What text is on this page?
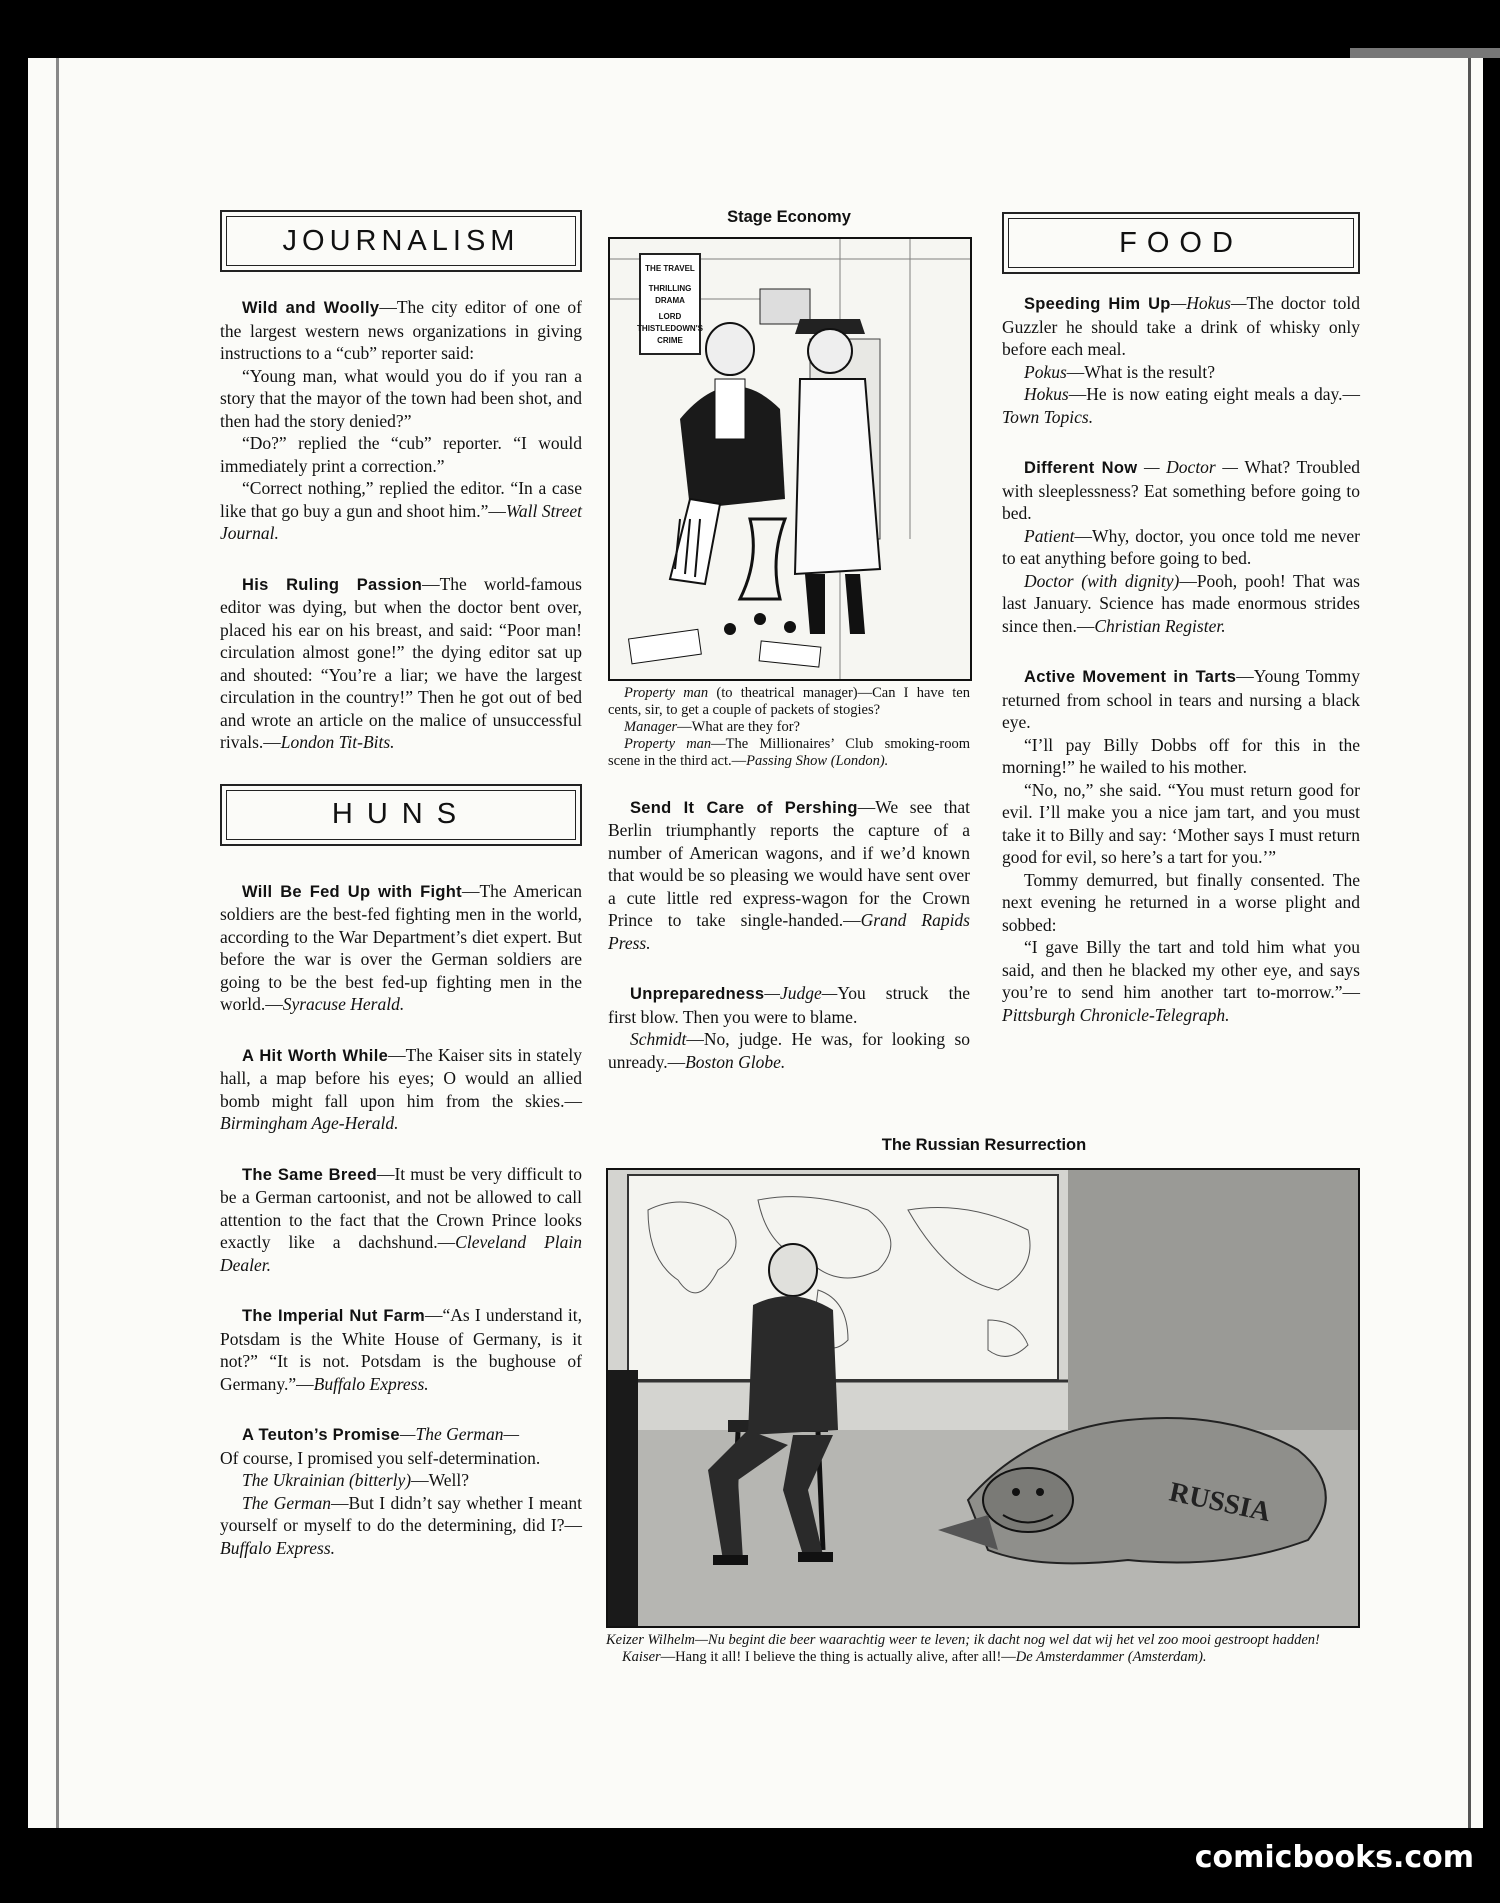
JOURNALISM

Wild and Woolly—The city editor of one of the largest western news organizations in giving instructions to a “cub” reporter said:

“Young man, what would you do if you ran a story that the mayor of the town had been shot, and then had the story denied?”

“Do?” replied the “cub” reporter. “I would immediately print a correction.”

“Correct nothing,” replied the editor. “In a case like that go buy a gun and shoot him.”—Wall Street Journal.

His Ruling Passion—The world-famous editor was dying, but when the doctor bent over, placed his ear on his breast, and said: “Poor man! circulation almost gone!” the dying editor sat up and shouted: “You’re a liar; we have the largest circulation in the country!” Then he got out of bed and wrote an article on the malice of unsuccessful rivals.—London Tit-Bits.

HUNS

Will Be Fed Up with Fight—The American soldiers are the best-fed fighting men in the world, according to the War Department’s diet expert. But before the war is over the German soldiers are going to be the best fed-up fighting men in the world.—Syracuse Herald.

A Hit Worth While—The Kaiser sits in stately hall, a map before his eyes; O would an allied bomb might fall upon him from the skies.—Birmingham Age-Herald.

The Same Breed—It must be very difficult to be a German cartoonist, and not be allowed to call attention to the fact that the Crown Prince looks exactly like a dachshund.—Cleveland Plain Dealer.

The Imperial Nut Farm—“As I understand it, Potsdam is the White House of Germany, is it not?” “It is not. Potsdam is the bughouse of Germany.”—Buffalo Express.

A Teuton’s Promise—The German—

Of course, I promised you self-determination.

The Ukrainian (bitterly)—Well?

The German—But I didn’t say whether I meant yourself or myself to do the determining, did I?—Buffalo Express.

Stage Economy
THE TRAVEL
THRILLING
DRAMA
LORD
THISTLEDOWN'S
CRIME

Property man (to theatrical manager)—Can I have ten cents, sir, to get a couple of packets of stogies?

Manager—What are they for?

Property man—The Millionaires’ Club smoking-room scene in the third act.—Passing Show (London).

Send It Care of Pershing—We see that Berlin triumphantly reports the capture of a number of American wagons, and if we’d known that would be so pleasing we would have sent over a cute little red express-wagon for the Crown Prince to take single-handed.—Grand Rapids Press.

Unpreparedness—Judge—You struck the first blow. Then you were to blame.

Schmidt—No, judge. He was, for looking so unready.—Boston Globe.

FOOD

Speeding Him Up—Hokus—The doctor told Guzzler he should take a drink of whisky only before each meal.

Pokus—What is the result?

Hokus—He is now eating eight meals a day.—Town Topics.

Different Now — Doctor — What? Troubled with sleeplessness? Eat something before going to bed.

Patient—Why, doctor, you once told me never to eat anything before going to bed.

Doctor (with dignity)—Pooh, pooh! That was last January. Science has made enormous strides since then.—Christian Register.

Active Movement in Tarts—Young Tommy returned from school in tears and nursing a black eye.

“I’ll pay Billy Dobbs off for this in the morning!” he wailed to his mother.

“No, no,” she said. “You must return good for evil. I’ll make you a nice jam tart, and you must take it to Billy and say: ‘Mother says I must return good for evil, so here’s a tart for you.’”

Tommy demurred, but finally consented. The next evening he returned in a worse plight and sobbed:

“I gave Billy the tart and told him what you said, and then he blacked my other eye, and says you’re to send him another tart to-morrow.”—Pittsburgh Chronicle-Telegraph.

The Russian Resurrection
RUSSIA

Keizer Wilhelm—Nu begint die beer waarachtig weer te leven; ik dacht nog wel dat wij het vel zoo mooi gestroopt hadden!

Kaiser—Hang it all! I believe the thing is actually alive, after all!—De Amsterdammer (Amsterdam).

comicbooks.com
